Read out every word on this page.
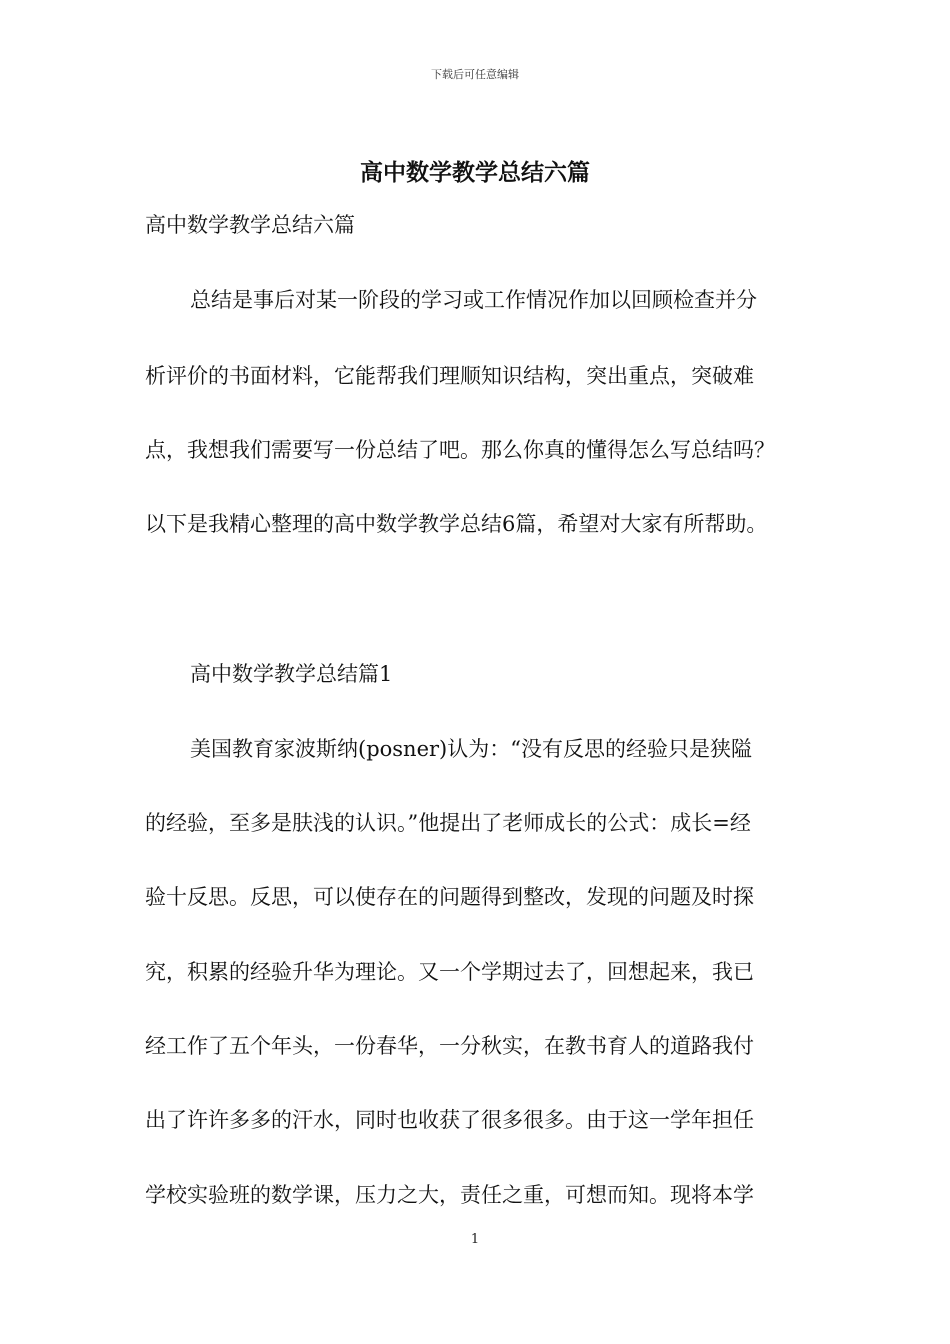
下载后可任意编辑
高中数学教学总结六篇
高中数学教学总结六篇
总结是事后对某一阶段的学习或工作情况作加以回顾检查并分
析评价的书面材料，它能帮我们理顺知识结构，突出重点，突破难
点，我想我们需要写一份总结了吧。那么你真的懂得怎么写总结吗？
以下是我精心整理的高中数学教学总结6篇，希望对大家有所帮助。
高中数学教学总结篇1
美国教育家波斯纳(posner)认为：“没有反思的经验只是狭隘
的经验，至多是肤浅的认识。”他提出了老师成长的公式：成长=经
验十反思。反思，可以使存在的问题得到整改，发现的问题及时探
究，积累的经验升华为理论。又一个学期过去了，回想起来，我已
经工作了五个年头，一份春华，一分秋实，在教书育人的道路我付
出了许许多多的汗水，同时也收获了很多很多。由于这一学年担任
学校实验班的数学课，压力之大，责任之重，可想而知。现将本学
1
